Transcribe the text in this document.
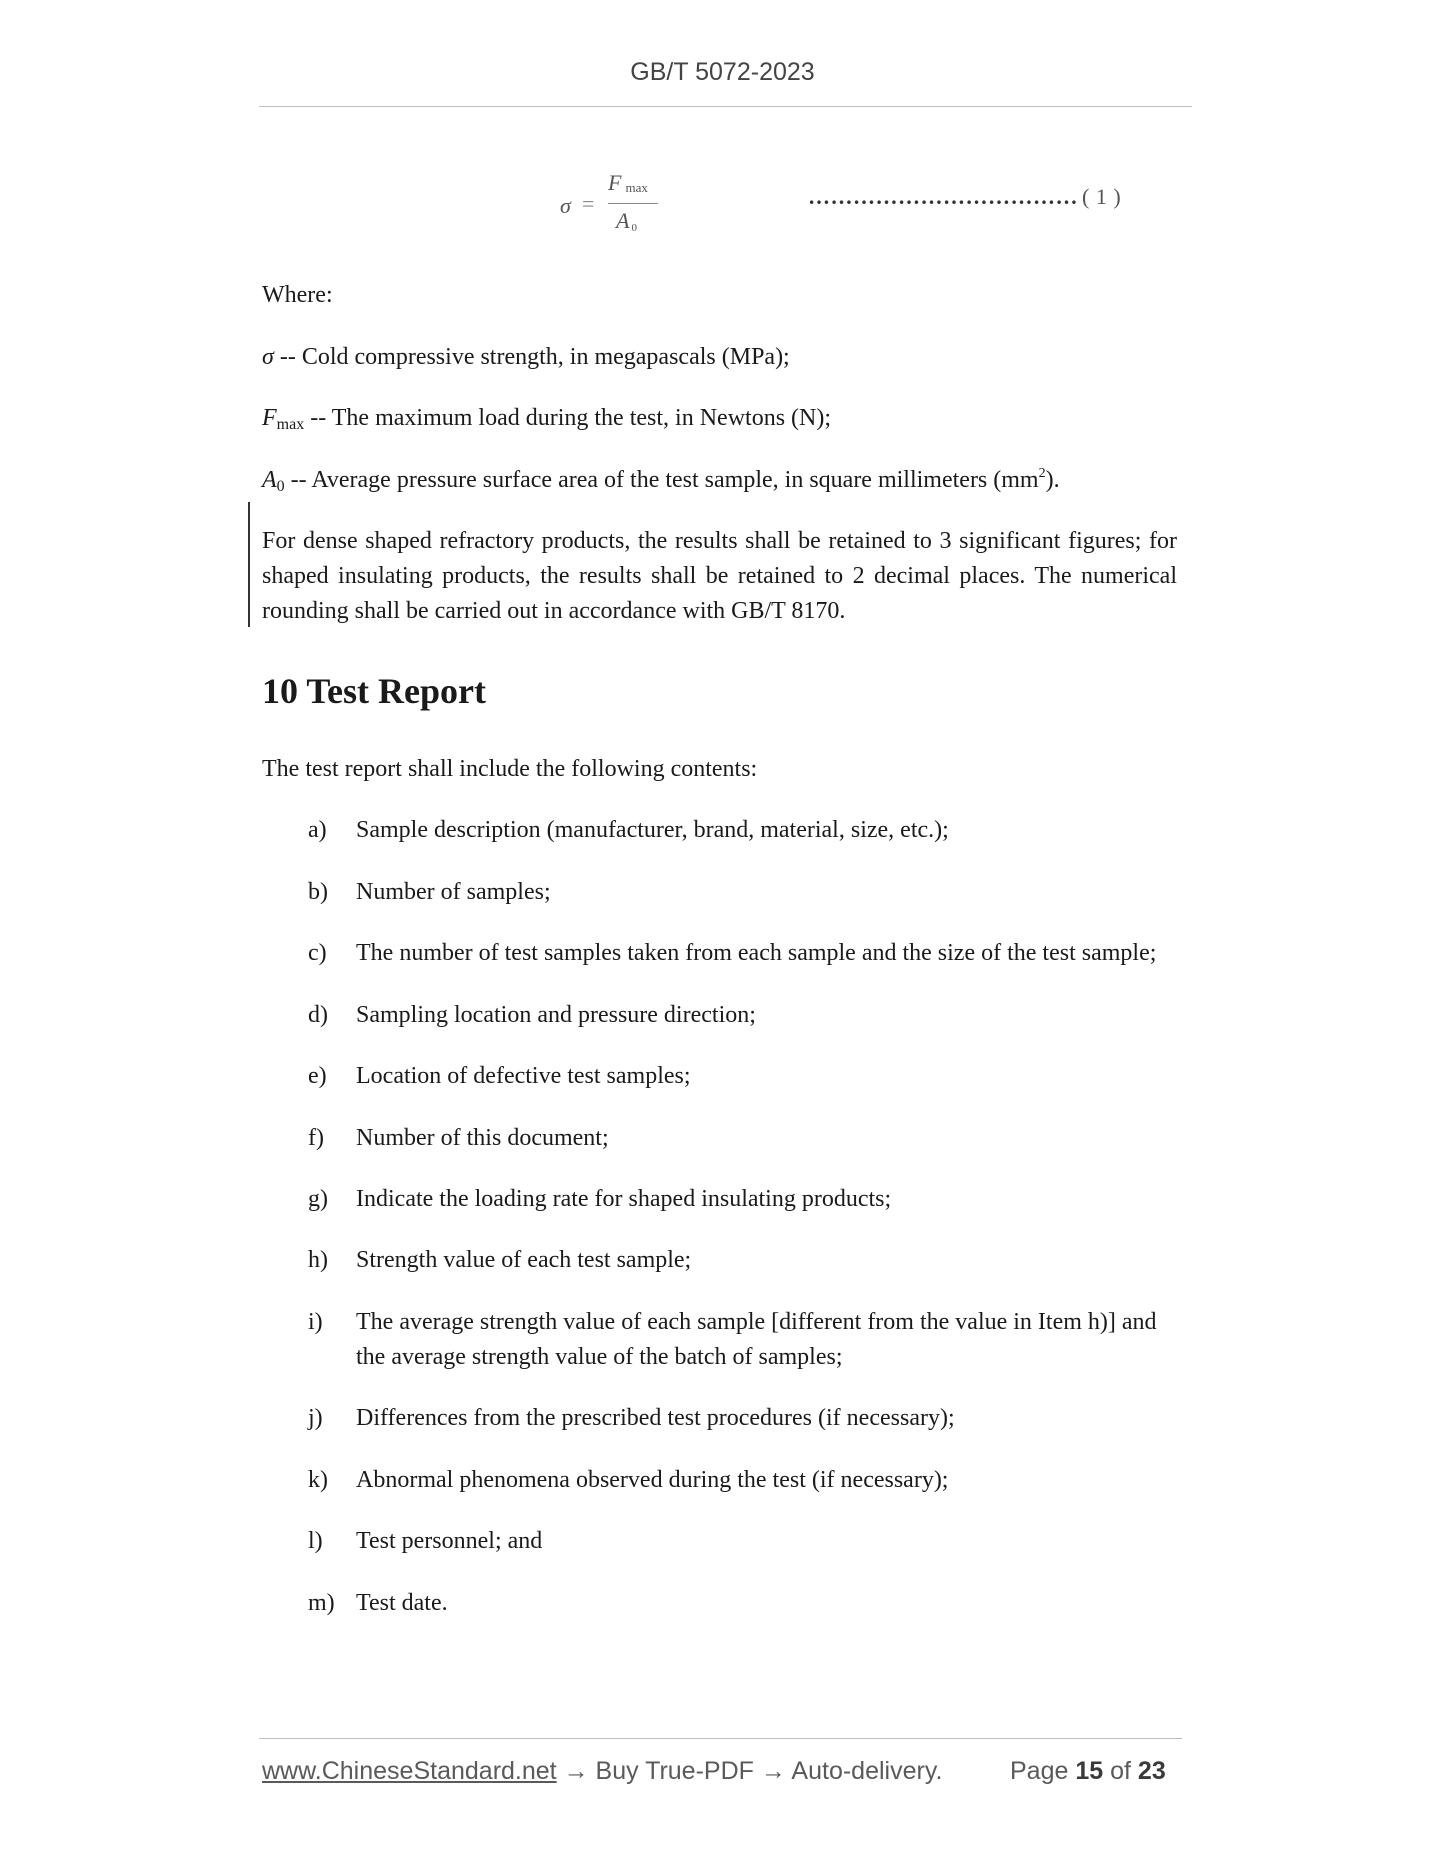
GB/T 5072-2023
σ =
F $_{max}$
A $_0$
……………………………… ( 1 )
Where:
σ -- Cold compressive strength, in megapascals (MPa);
$F_{max}$ -- The maximum load during the test, in Newtons (N);
$A_0$ -- Average pressure surface area of the test sample, in square millimeters $(mm^2)$.
For dense shaped refractory products, the results shall be retained to 3 significant figures; for shaped insulating products, the results shall be retained to 2 decimal places. The numerical rounding shall be carried out in accordance with GB/T 8170.
10 Test Report
The test report shall include the following contents:
a) Sample description (manufacturer, brand, material, size, etc.);
b) Number of samples;
c) The number of test samples taken from each sample and the size of the test sample;
d) Sampling location and pressure direction;
e) Location of defective test samples;
f) Number of this document;
g) Indicate the loading rate for shaped insulating products;
h) Strength value of each test sample;
i) The average strength value of each sample [different from the value in Item h)] and the average strength value of the batch of samples;
j) Differences from the prescribed test procedures (if necessary);
k) Abnormal phenomena observed during the test (if necessary);
l) Test personnel; and
m) Test date.
www.ChineseStandard.net → Buy True-PDF → Auto-delivery.	Page 15 of 23
